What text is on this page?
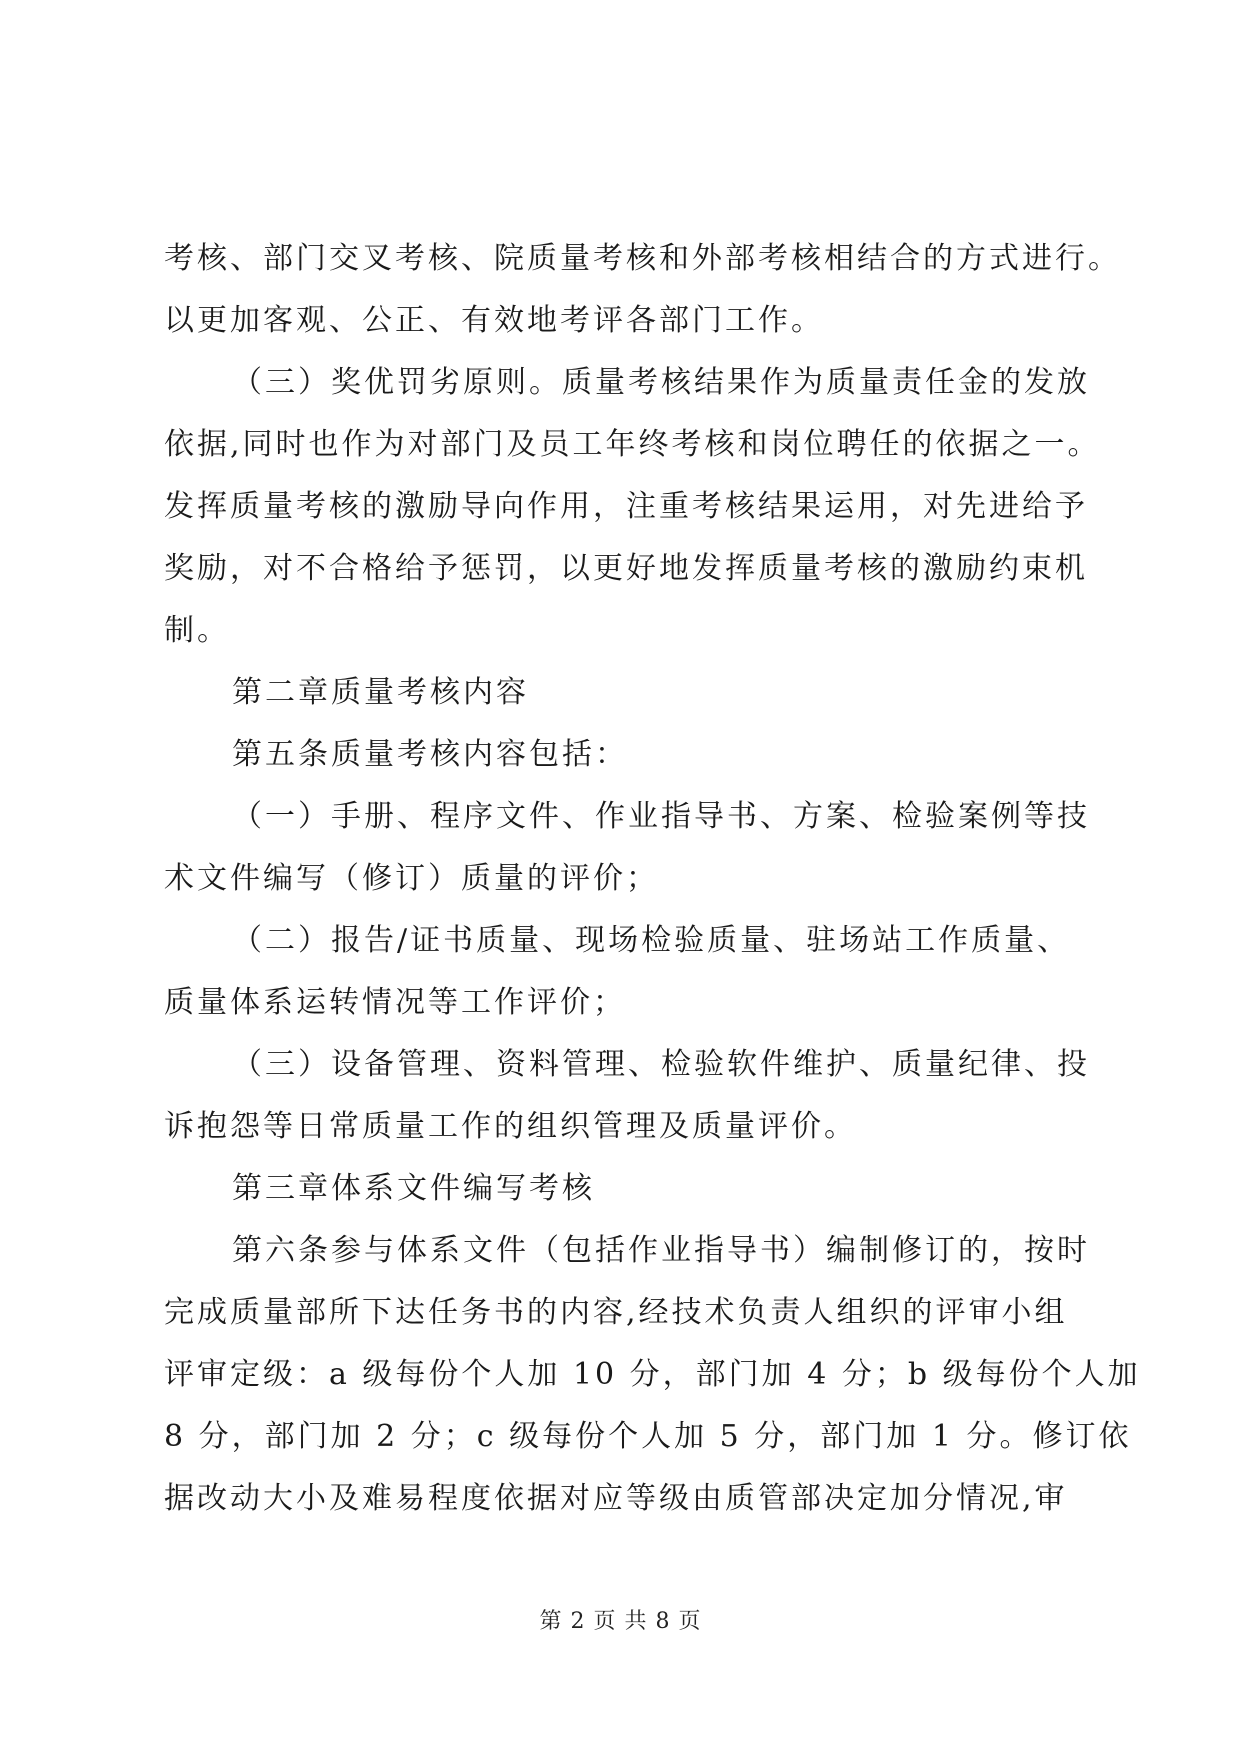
考核、部门交叉考核、院质量考核和外部考核相结合的方式进行。
以更加客观、公正、有效地考评各部门工作。
（三）奖优罚劣原则。质量考核结果作为质量责任金的发放
依据,同时也作为对部门及员工年终考核和岗位聘任的依据之一。
发挥质量考核的激励导向作用，注重考核结果运用，对先进给予
奖励，对不合格给予惩罚，以更好地发挥质量考核的激励约束机
制。
第二章质量考核内容
第五条质量考核内容包括：
（一）手册、程序文件、作业指导书、方案、检验案例等技
术文件编写（修订）质量的评价；
（二）报告/证书质量、现场检验质量、驻场站工作质量、
质量体系运转情况等工作评价；
（三）设备管理、资料管理、检验软件维护、质量纪律、投
诉抱怨等日常质量工作的组织管理及质量评价。
第三章体系文件编写考核
第六条参与体系文件（包括作业指导书）编制修订的，按时
完成质量部所下达任务书的内容,经技术负责人组织的评审小组
评审定级：a 级每份个人加 10 分，部门加 4 分；b 级每份个人加
8 分，部门加 2 分；c 级每份个人加 5 分，部门加 1 分。修订依
据改动大小及难易程度依据对应等级由质管部决定加分情况,审
第 2 页 共 8 页
